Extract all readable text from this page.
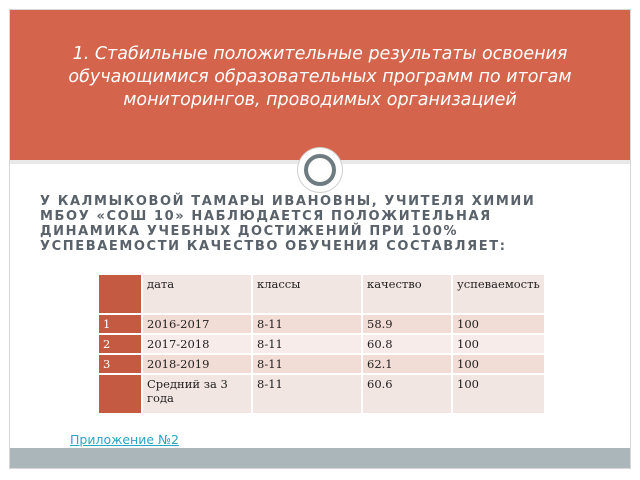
1. Стабильные положительные результаты освоения обучающимися образовательных программ по итогам мониторингов, проводимых организацией

У КАЛМЫКОВОЙ ТАМАРЫ ИВАНОВНЫ, УЧИТЕЛЯ ХИМИИ МБОУ «СОШ 10» НАБЛЮДАЕТСЯ ПОЛОЖИТЕЛЬНАЯ ДИНАМИКА УЧЕБНЫХ ДОСТИЖЕНИЙ ПРИ 100% УСПЕВАЕМОСТИ КАЧЕСТВО ОБУЧЕНИЯ СОСТАВЛЯЕТ:

	дата	классы	качество	успеваемость
1	2016-2017	8-11	58.9	100
2	2017-2018	8-11	60.8	100
3	2018-2019	8-11	62.1	100
	Средний за 3 года	8-11	60.6	100
Приложение №2
